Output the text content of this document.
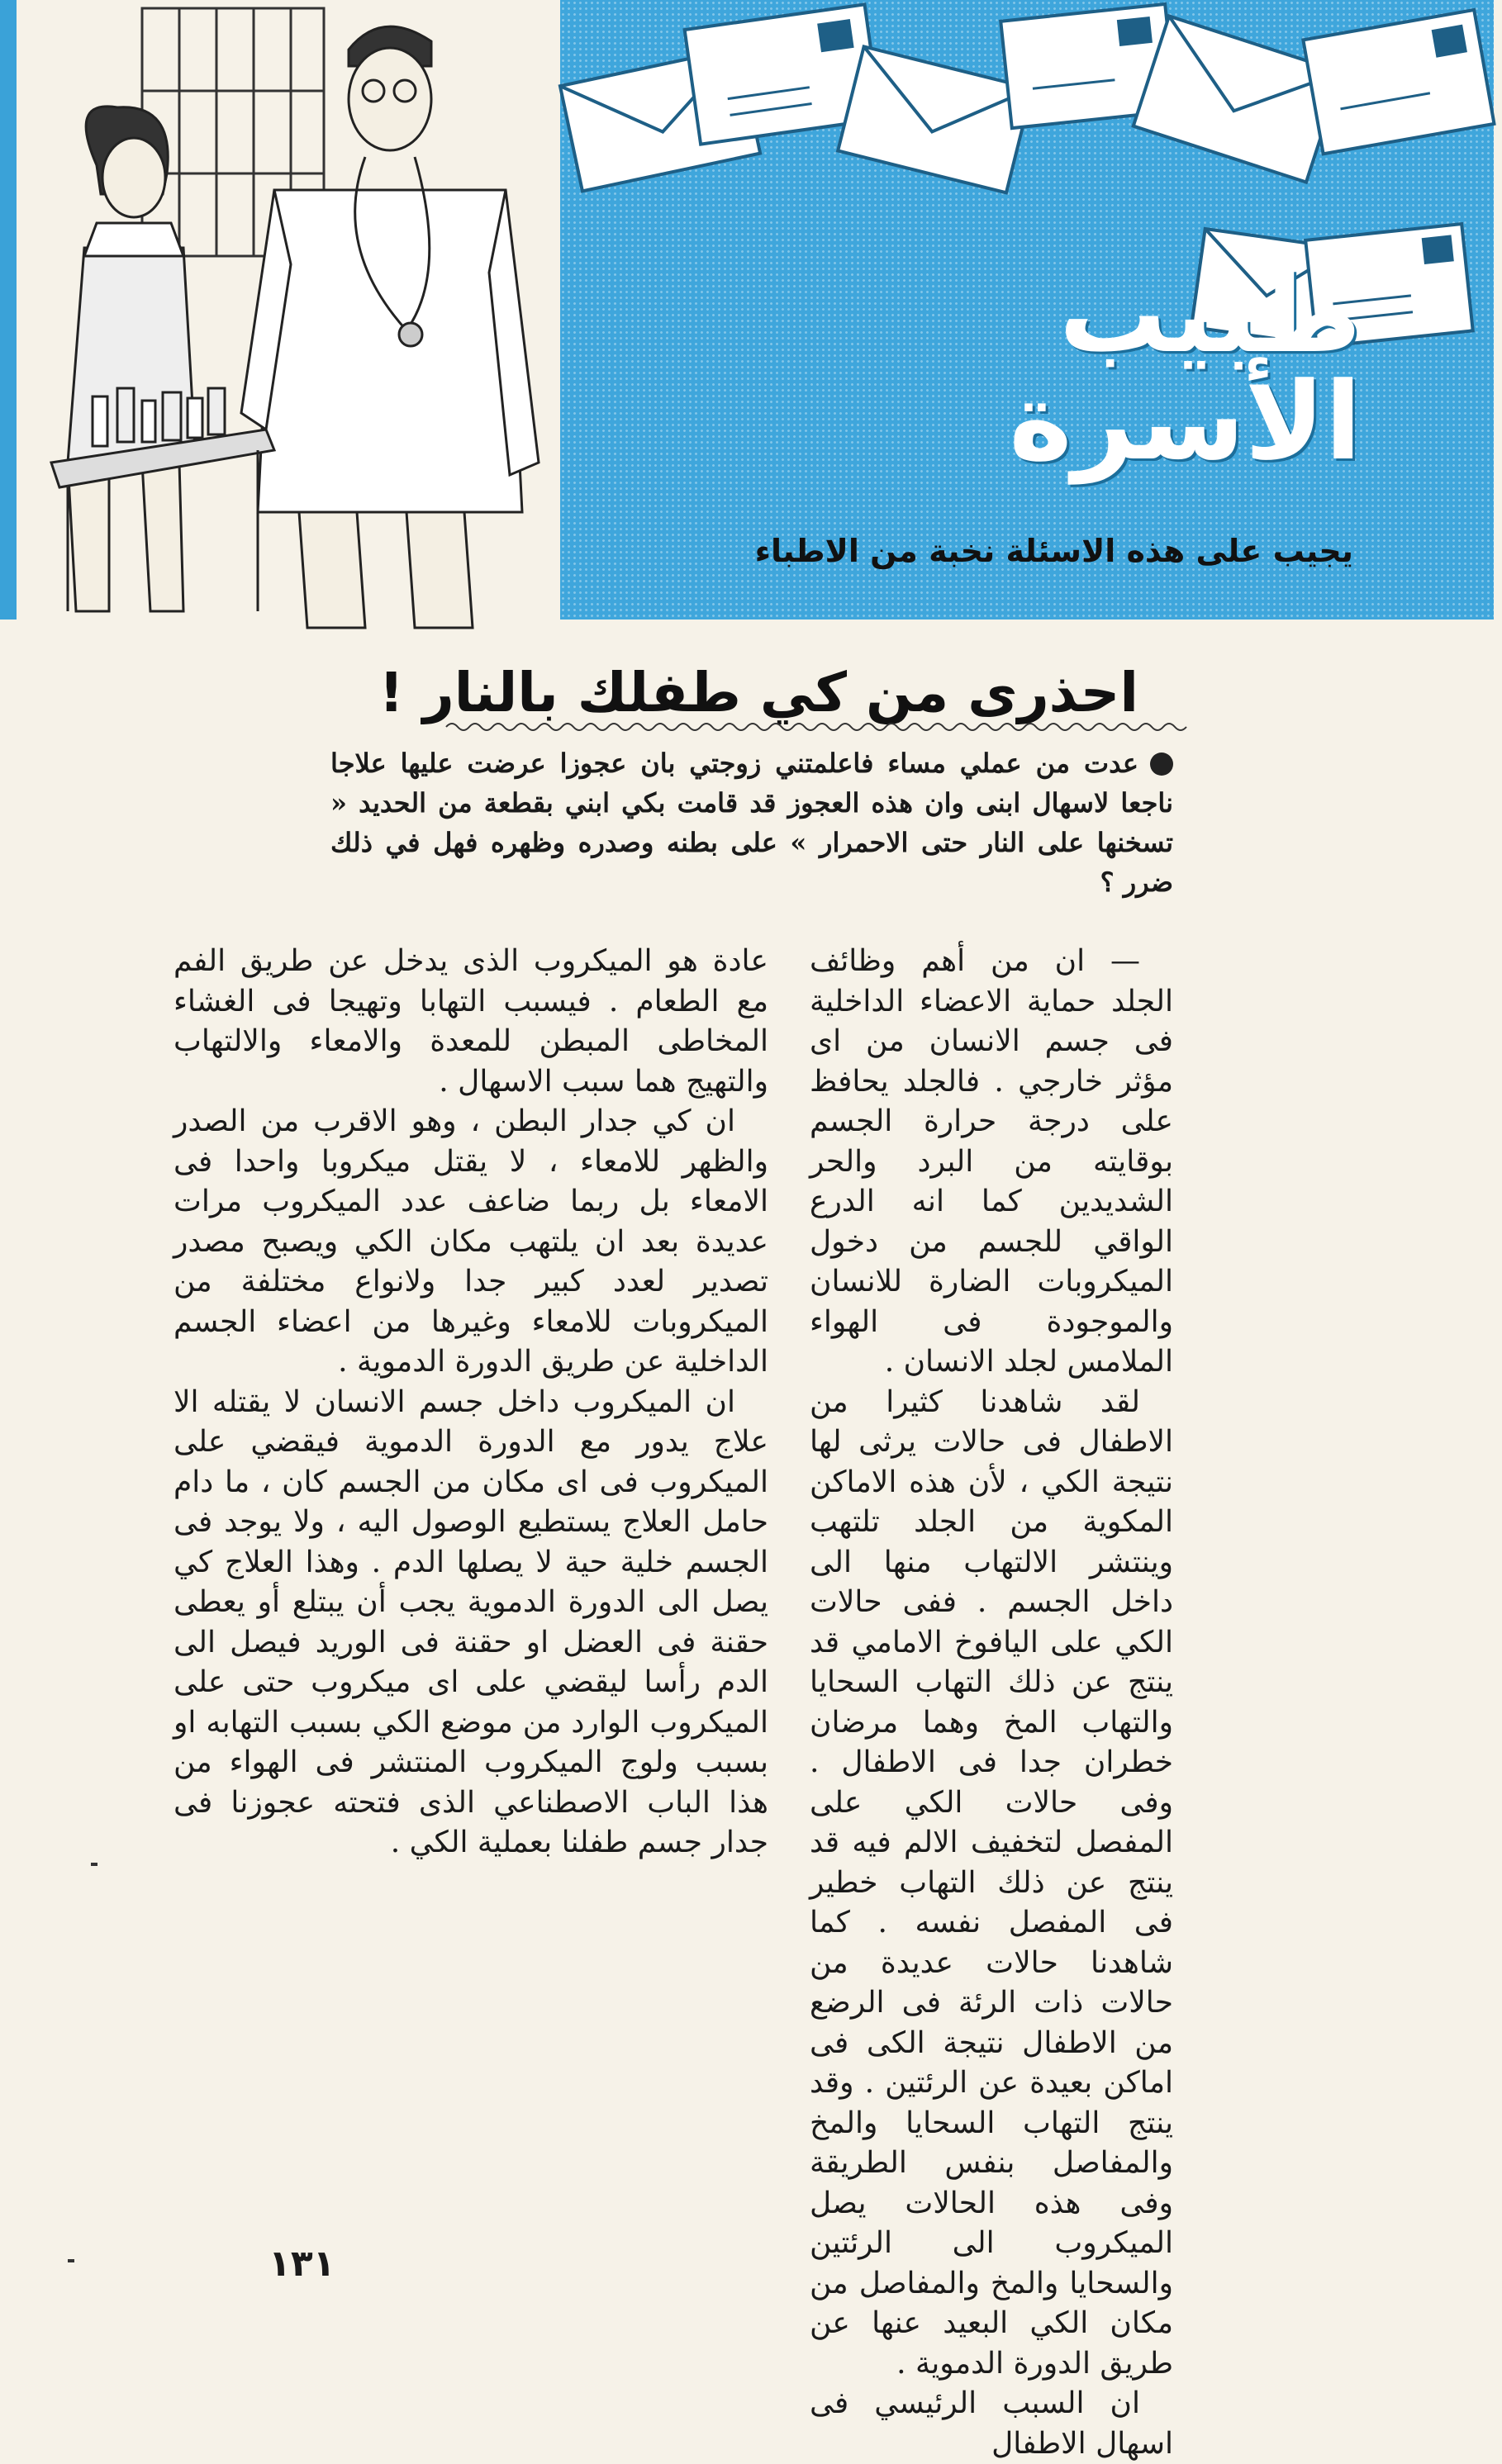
طبيب الأسرة
يجيب على هذه الاسئلة نخبة من الاطباء
احذرى من كي طفلك بالنار !
عدت من عملي مساء فاعلمتني زوجتي بان عجوزا عرضت عليها علاجا ناجعا لاسهال ابنى وان هذه العجوز قد قامت بكي ابني بقطعة من الحديد « تسخنها على النار حتى الاحمرار » على بطنه وصدره وظهره فهل في ذلك ضرر ؟

— ان من أهم وظائف الجلد حماية الاعضاء الداخلية فى جسم الانسان من اى مؤثر خارجي . فالجلد يحافظ على درجة حرارة الجسم بوقايته من البرد والحر الشديدين كما انه الدرع الواقي للجسم من دخول الميكروبات الضارة للانسان والموجودة فى الهواء الملامس لجلد الانسان .

لقد شاهدنا كثيرا من الاطفال فى حالات يرثى لها نتيجة الكي ، لأن هذه الاماكن المكوية من الجلد تلتهب وينتشر الالتهاب منها الى داخل الجسم . ففى حالات الكي على اليافوخ الامامي قد ينتج عن ذلك التهاب السحايا والتهاب المخ وهما مرضان خطران جدا فى الاطفال . وفى حالات الكي على المفصل لتخفيف الالم فيه قد ينتج عن ذلك التهاب خطير فى المفصل نفسه . كما شاهدنا حالات عديدة من حالات ذات الرئة فى الرضع من الاطفال نتيجة الكى فى اماكن بعيدة عن الرئتين . وقد ينتج التهاب السحايا والمخ والمفاصل بنفس الطريقة وفى هذه الحالات يصل الميكروب الى الرئتين والسحايا والمخ والمفاصل من مكان الكي البعيد عنها عن طريق الدورة الدموية .

ان السبب الرئيسي فى اسهال الاطفال

عادة هو الميكروب الذى يدخل عن طريق الفم مع الطعام . فيسبب التهابا وتهيجا فى الغشاء المخاطى المبطن للمعدة والامعاء والالتهاب والتهيج هما سبب الاسهال .

ان كي جدار البطن ، وهو الاقرب من الصدر والظهر للامعاء ، لا يقتل ميكروبا واحدا فى الامعاء بل ربما ضاعف عدد الميكروب مرات عديدة بعد ان يلتهب مكان الكي ويصبح مصدر تصدير لعدد كبير جدا ولانواع مختلفة من الميكروبات للامعاء وغيرها من اعضاء الجسم الداخلية عن طريق الدورة الدموية .

ان الميكروب داخل جسم الانسان لا يقتله الا علاج يدور مع الدورة الدموية فيقضي على الميكروب فى اى مكان من الجسم كان ، ما دام حامل العلاج يستطيع الوصول اليه ، ولا يوجد فى الجسم خلية حية لا يصلها الدم . وهذا العلاج كي يصل الى الدورة الدموية يجب أن يبتلع أو يعطى حقنة فى العضل او حقنة فى الوريد فيصل الى الدم رأسا ليقضي على اى ميكروب حتى على الميكروب الوارد من موضع الكي بسبب التهابه او بسبب ولوج الميكروب المنتشر فى الهواء من هذا الباب الاصطناعي الذى فتحته عجوزنا فى جدار جسم طفلنا بعملية الكي .

١٣١
